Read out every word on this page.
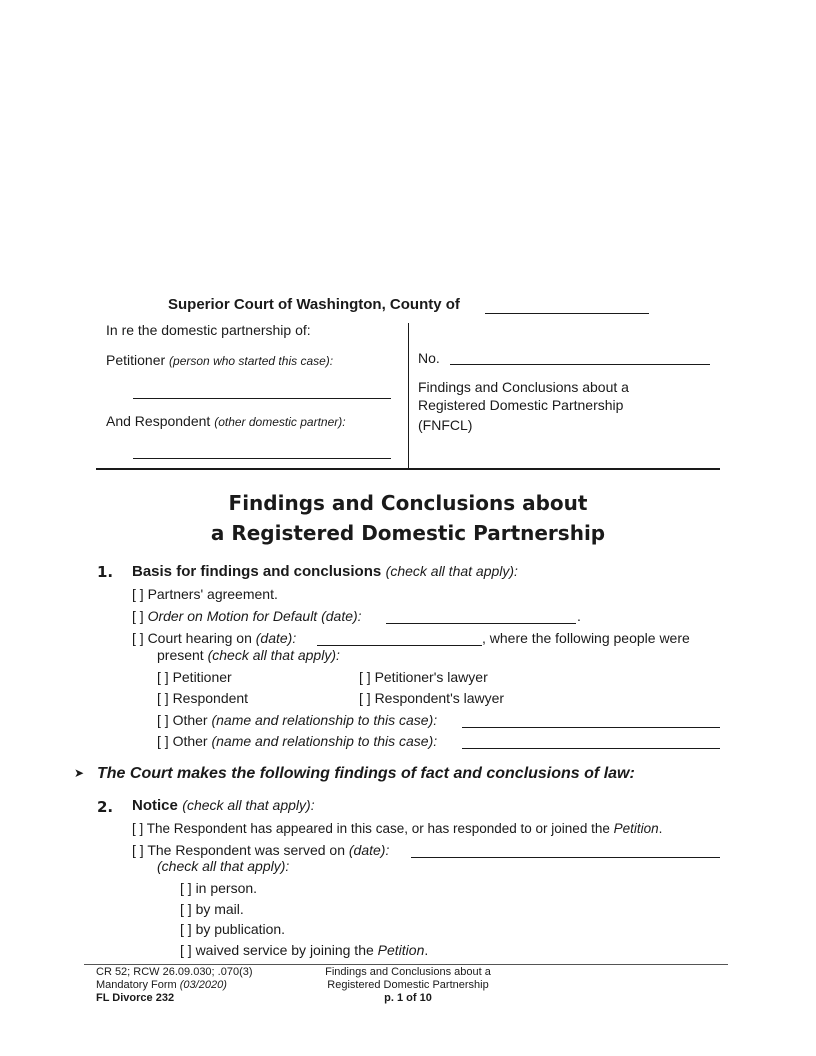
Superior Court of Washington, County of
In re the domestic partnership of:
Petitioner (person who started this case):
And Respondent (other domestic partner):
No.
Findings and Conclusions about a
Registered Domestic Partnership
(FNFCL)
Findings and Conclusions about
a Registered Domestic Partnership
1. Basis for findings and conclusions (check all that apply):
[ ] Partners' agreement.
[ ] Order on Motion for Default (date):	.
[ ] Court hearing on (date):	, where the following people were
present (check all that apply):
[ ] Petitioner	[ ] Petitioner's lawyer
[ ] Respondent	[ ] Respondent's lawyer
[ ] Other (name and relationship to this case):
[ ] Other (name and relationship to this case):
➤ The Court makes the following findings of fact and conclusions of law:
2. Notice (check all that apply):
[ ] The Respondent has appeared in this case, or has responded to or joined the Petition.
[ ] The Respondent was served on (date):
(check all that apply):
[ ] in person.
[ ] by mail.
[ ] by publication.
[ ] waived service by joining the Petition.
CR 52; RCW 26.09.030; .070(3)
Mandatory Form (03/2020)
FL Divorce 232
Findings and Conclusions about a
Registered Domestic Partnership
p. 1 of 10
